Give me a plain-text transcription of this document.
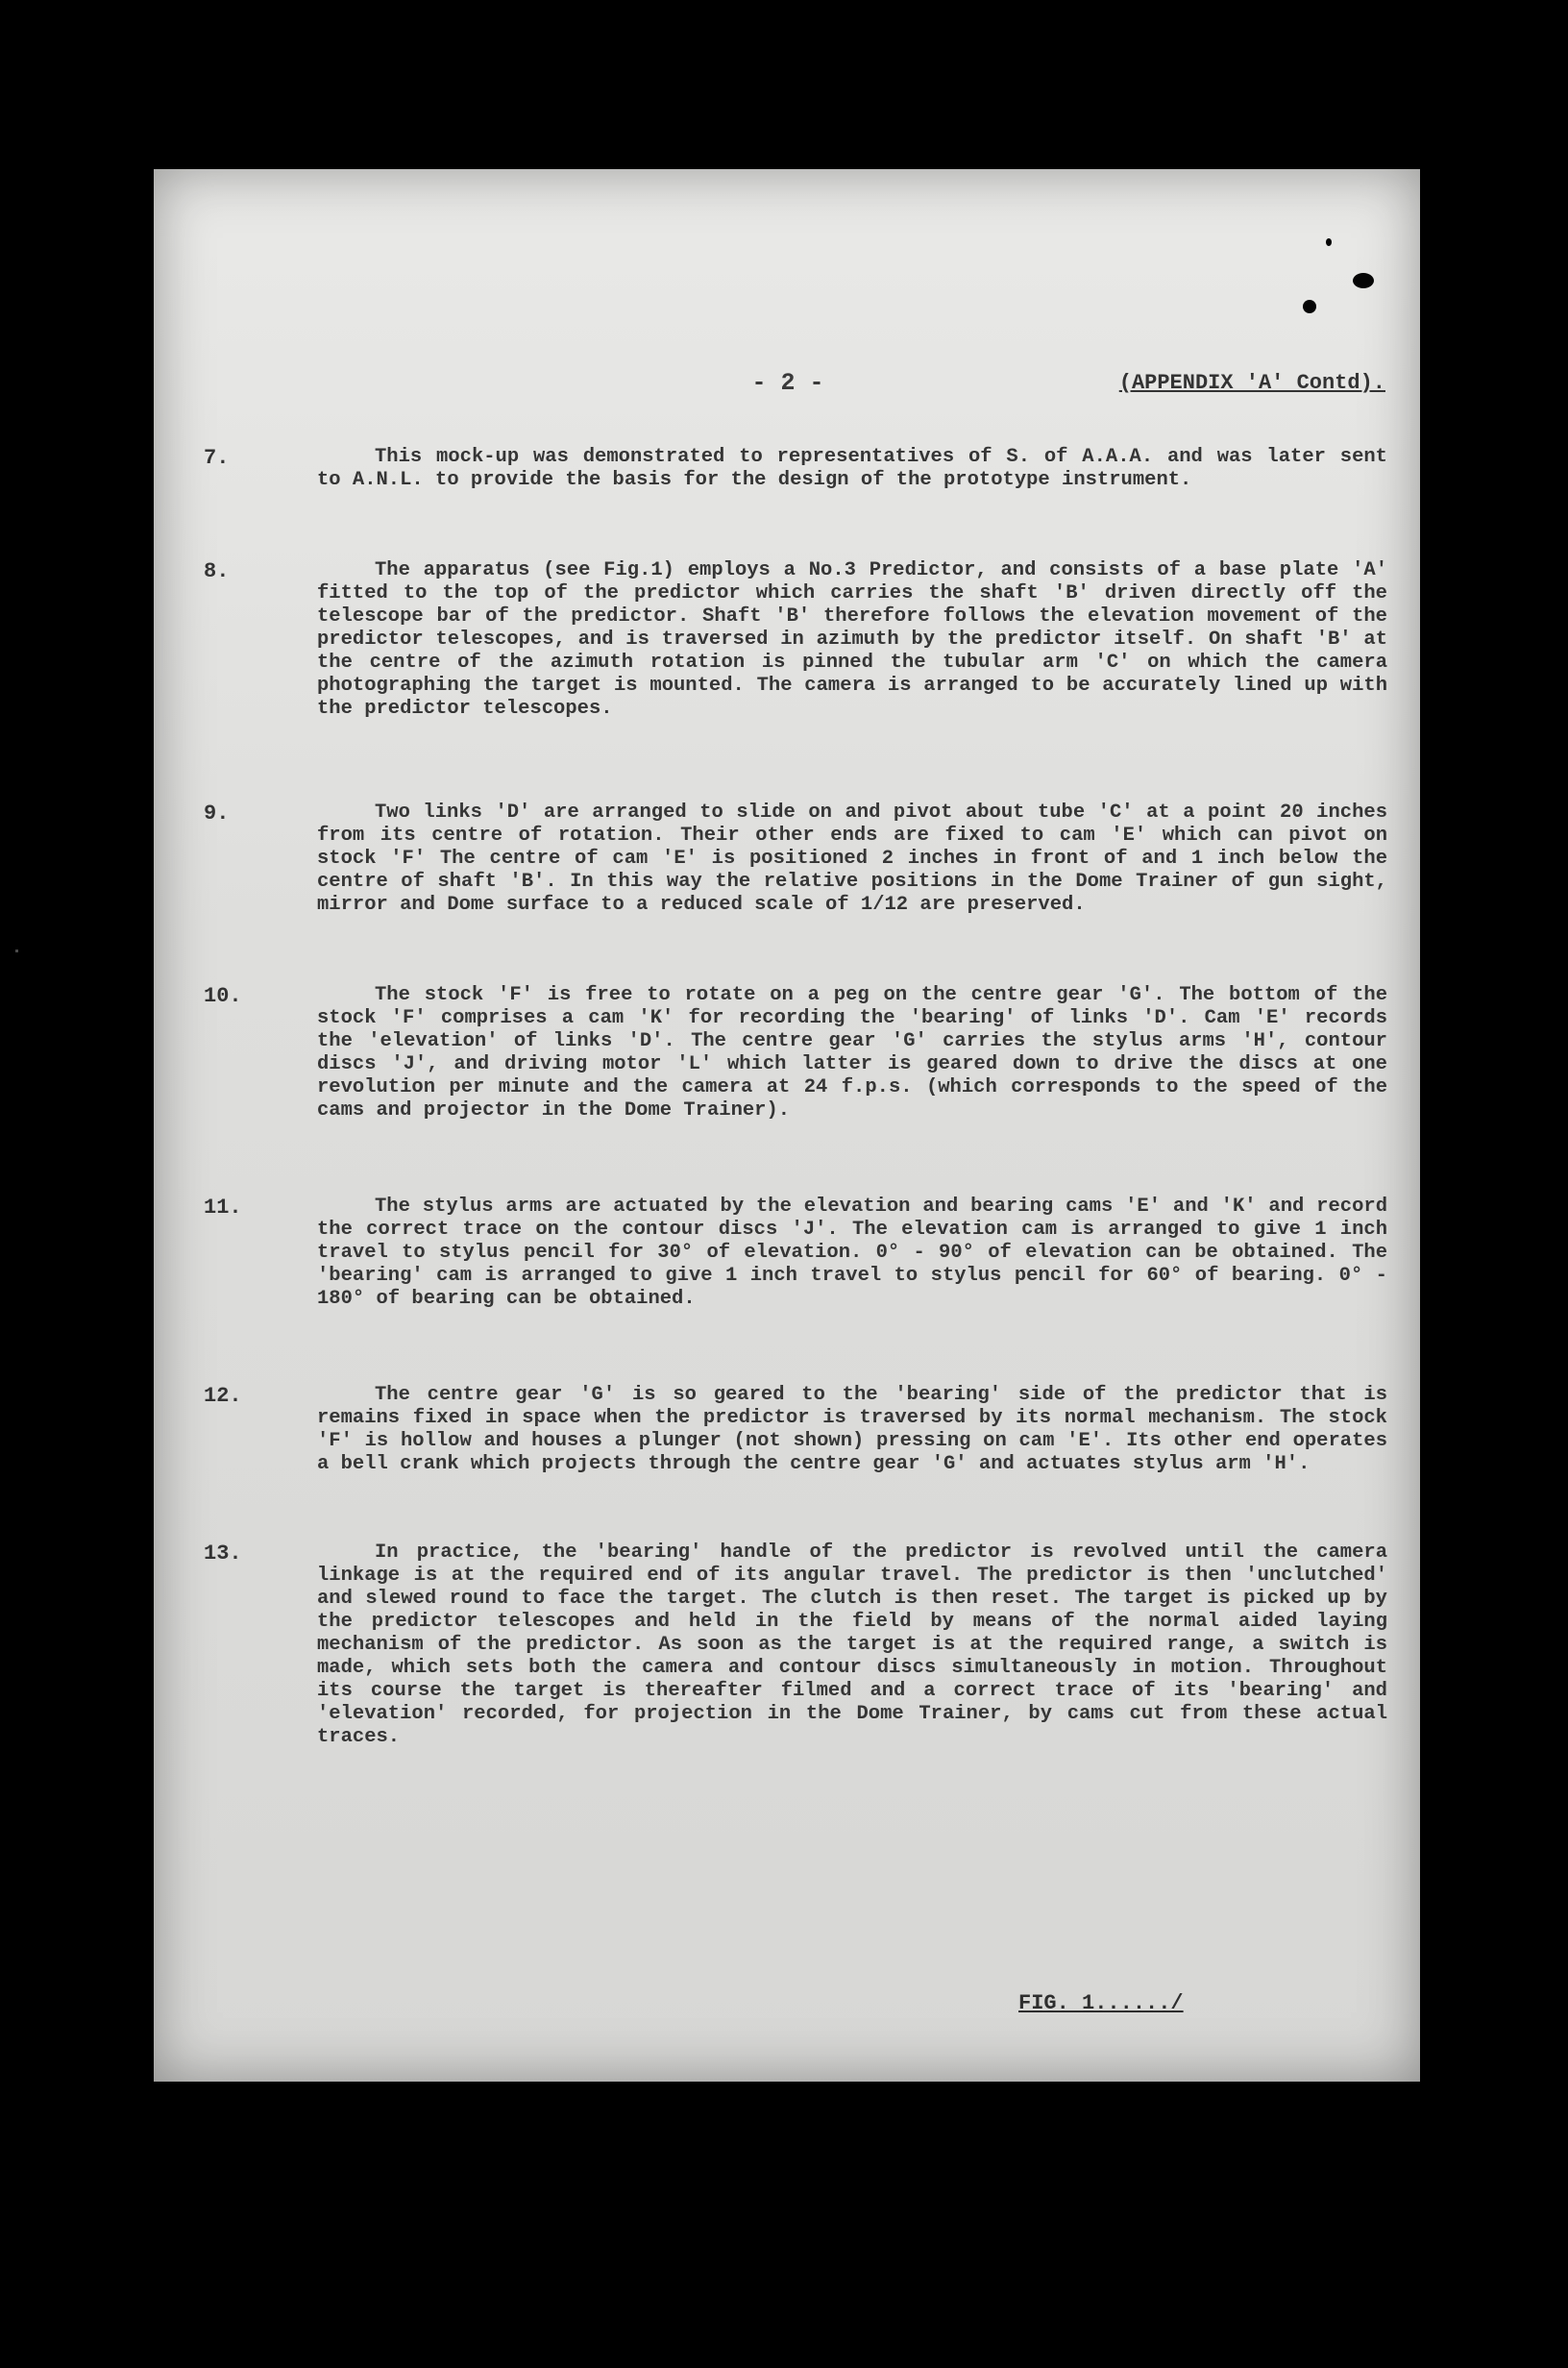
- 2 -	(APPENDIX 'A' Contd).
7.	This mock-up was demonstrated to representatives of S. of A.A.A. and was later sent to A.N.L. to provide the basis for the design of the prototype instrument.
8.	The apparatus (see Fig.1) employs a No.3 Predictor, and consists of a base plate 'A' fitted to the top of the predictor which carries the shaft 'B' driven directly off the telescope bar of the predictor. Shaft 'B' therefore follows the elevation movement of the predictor telescopes, and is traversed in azimuth by the predictor itself. On shaft 'B' at the centre of the azimuth rotation is pinned the tubular arm 'C' on which the camera photographing the target is mounted. The camera is arranged to be accurately lined up with the predictor telescopes.
9.	Two links 'D' are arranged to slide on and pivot about tube 'C' at a point 20 inches from its centre of rotation. Their other ends are fixed to cam 'E' which can pivot on stock 'F' The centre of cam 'E' is positioned 2 inches in front of and 1 inch below the centre of shaft 'B'. In this way the relative positions in the Dome Trainer of gun sight, mirror and Dome surface to a reduced scale of 1/12 are preserved.
10.	The stock 'F' is free to rotate on a peg on the centre gear 'G'. The bottom of the stock 'F' comprises a cam 'K' for recording the 'bearing' of links 'D'. Cam 'E' records the 'elevation' of links 'D'. The centre gear 'G' carries the stylus arms 'H', contour discs 'J', and driving motor 'L' which latter is geared down to drive the discs at one revolution per minute and the camera at 24 f.p.s. (which corresponds to the speed of the cams and projector in the Dome Trainer).
11.	The stylus arms are actuated by the elevation and bearing cams 'E' and 'K' and record the correct trace on the contour discs 'J'. The elevation cam is arranged to give 1 inch travel to stylus pencil for 30° of elevation. 0° - 90° of elevation can be obtained. The 'bearing' cam is arranged to give 1 inch travel to stylus pencil for 60° of bearing. 0° - 180° of bearing can be obtained.
12.	The centre gear 'G' is so geared to the 'bearing' side of the predictor that is remains fixed in space when the predictor is traversed by its normal mechanism. The stock 'F' is hollow and houses a plunger (not shown) pressing on cam 'E'. Its other end operates a bell crank which projects through the centre gear 'G' and actuates stylus arm 'H'.
13.	In practice, the 'bearing' handle of the predictor is revolved until the camera linkage is at the required end of its angular travel. The predictor is then 'unclutched' and slewed round to face the target. The clutch is then reset. The target is picked up by the predictor telescopes and held in the field by means of the normal aided laying mechanism of the predictor. As soon as the target is at the required range, a switch is made, which sets both the camera and contour discs simultaneously in motion. Throughout its course the target is thereafter filmed and a correct trace of its 'bearing' and 'elevation' recorded, for projection in the Dome Trainer, by cams cut from these actual traces.
FIG. 1....../
